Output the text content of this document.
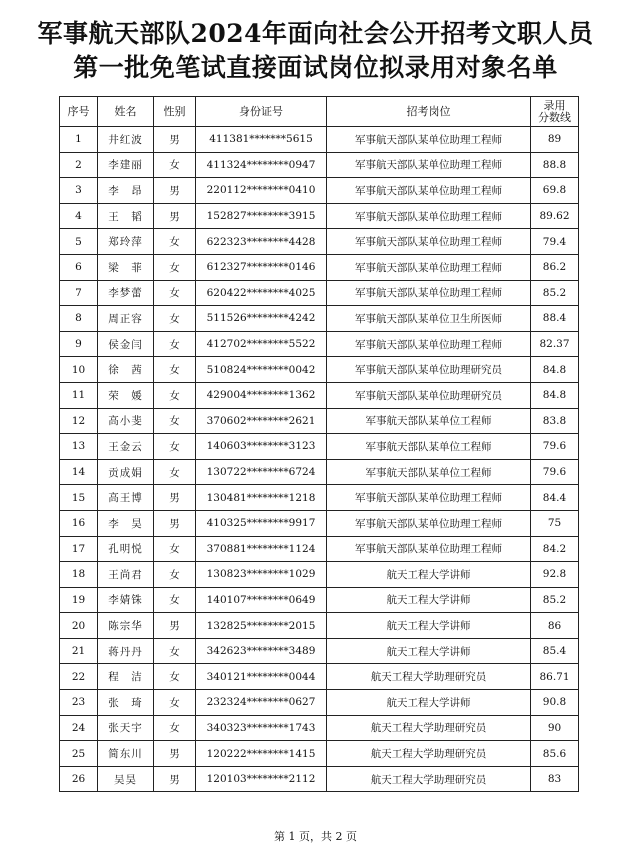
军事航天部队2024年面向社会公开招考文职人员
第一批免笔试直接面试岗位拟录用对象名单
序号	姓名	性别	身份证号	招考岗位	录用
分数线
1	井红波	男	411381*******5615	军事航天部队某单位助理工程师	89
2	李建丽	女	411324********0947	军事航天部队某单位助理工程师	88.8
3	李　昂	男	220112********0410	军事航天部队某单位助理工程师	69.8
4	王　韬	男	152827********3915	军事航天部队某单位助理工程师	89.62
5	郑玲萍	女	622323********4428	军事航天部队某单位助理工程师	79.4
6	梁　菲	女	612327********0146	军事航天部队某单位助理工程师	86.2
7	李梦蕾	女	620422********4025	军事航天部队某单位助理工程师	85.2
8	周正容	女	511526********4242	军事航天部队某单位卫生所医师	88.4
9	侯金闫	女	412702********5522	军事航天部队某单位助理工程师	82.37
10	徐　茜	女	510824********0042	军事航天部队某单位助理研究员	84.8
11	荣　媛	女	429004********1362	军事航天部队某单位助理研究员	84.8
12	高小斐	女	370602********2621	军事航天部队某单位工程师	83.8
13	王金云	女	140603********3123	军事航天部队某单位工程师	79.6
14	贡成娟	女	130722********6724	军事航天部队某单位工程师	79.6
15	高王博	男	130481********1218	军事航天部队某单位助理工程师	84.4
16	李　昊	男	410325********9917	军事航天部队某单位助理工程师	75
17	孔明悦	女	370881********1124	军事航天部队某单位助理工程师	84.2
18	王尚君	女	130823********1029	航天工程大学讲师	92.8
19	李婧铢	女	140107********0649	航天工程大学讲师	85.2
20	陈宗华	男	132825********2015	航天工程大学讲师	86
21	蒋丹丹	女	342623********3489	航天工程大学讲师	85.4
22	程　洁	女	340121********0044	航天工程大学助理研究员	86.71
23	张　琦	女	232324********0627	航天工程大学讲师	90.8
24	张天宇	女	340323********1743	航天工程大学助理研究员	90
25	简东川	男	120222********1415	航天工程大学助理研究员	85.6
26	吴昊	男	120103********2112	航天工程大学助理研究员	83
第 1 页，共 2 页
